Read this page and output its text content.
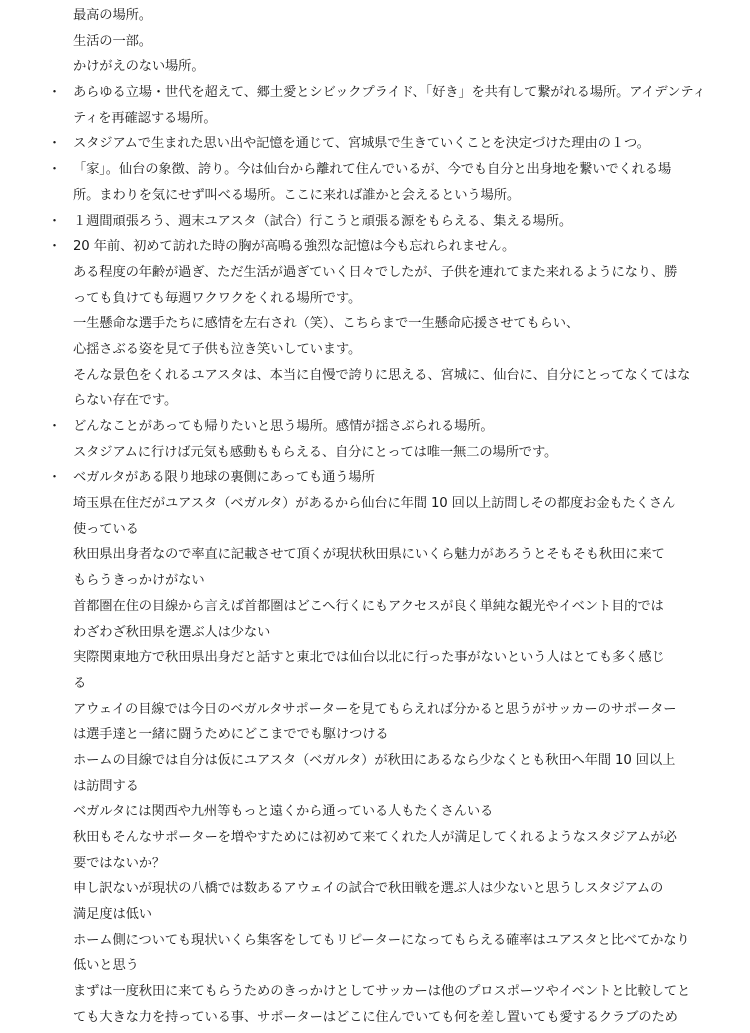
最高の場所。
生活の一部。
かけがえのない場所。
・ あらゆる立場・世代を超えて、郷土愛とシビックプライド、「好き」を共有して繋がれる場所。アイデンティ
ティを再確認する場所。
・ スタジアムで生まれた思い出や記憶を通じて、宮城県で生きていくことを決定づけた理由の１つ。
・ 「家」。仙台の象徴、誇り。今は仙台から離れて住んでいるが、今でも自分と出身地を繋いでくれる場
所。まわりを気にせず叫べる場所。ここに来れば誰かと会えるという場所。
・ １週間頑張ろう、週末ユアスタ（試合）行こうと頑張る源をもらえる、集える場所。
・ 20 年前、初めて訪れた時の胸が高鳴る強烈な記憶は今も忘れられません。
ある程度の年齢が過ぎ、ただ生活が過ぎていく日々でしたが、子供を連れてまた来れるようになり、勝
っても負けても毎週ワクワクをくれる場所です。
一生懸命な選手たちに感情を左右され（笑）、こちらまで一生懸命応援させてもらい、
心揺さぶる姿を見て子供も泣き笑いしています。
そんな景色をくれるユアスタは、本当に自慢で誇りに思える、宮城に、仙台に、自分にとってなくてはな
らない存在です。
・ どんなことがあっても帰りたいと思う場所。感情が揺さぶられる場所。
スタジアムに行けば元気も感動ももらえる、自分にとっては唯一無二の場所です。
・ ベガルタがある限り地球の裏側にあっても通う場所
埼玉県在住だがユアスタ（ベガルタ）があるから仙台に年間 10 回以上訪問しその都度お金もたくさん
使っている
秋田県出身者なので率直に記載させて頂くが現状秋田県にいくら魅力があろうとそもそも秋田に来て
もらうきっかけがない
首都圏在住の目線から言えば首都圏はどこへ行くにもアクセスが良く単純な観光やイベント目的では
わざわざ秋田県を選ぶ人は少ない
実際関東地方で秋田県出身だと話すと東北では仙台以北に行った事がないという人はとても多く感じ
る
アウェイの目線では今日のベガルタサポーターを見てもらえれば分かると思うがサッカーのサポーター
は選手達と一緒に闘うためにどこまででも駆けつける
ホームの目線では自分は仮にユアスタ（ベガルタ）が秋田にあるなら少なくとも秋田へ年間 10 回以上
は訪問する
ベガルタには関西や九州等もっと遠くから通っている人もたくさんいる
秋田もそんなサポーターを増やすためには初めて来てくれた人が満足してくれるようなスタジアムが必
要ではないか？
申し訳ないが現状の八橋では数あるアウェイの試合で秋田戦を選ぶ人は少ないと思うしスタジアムの
満足度は低い
ホーム側についても現状いくら集客をしてもリピーターになってもらえる確率はユアスタと比べてかなり
低いと思う
まずは一度秋田に来てもらうためのきっかけとしてサッカーは他のプロスポーツやイベントと比較してと
ても大きな力を持っている事、サポーターはどこに住んでいても何を差し置いても愛するクラブのため
